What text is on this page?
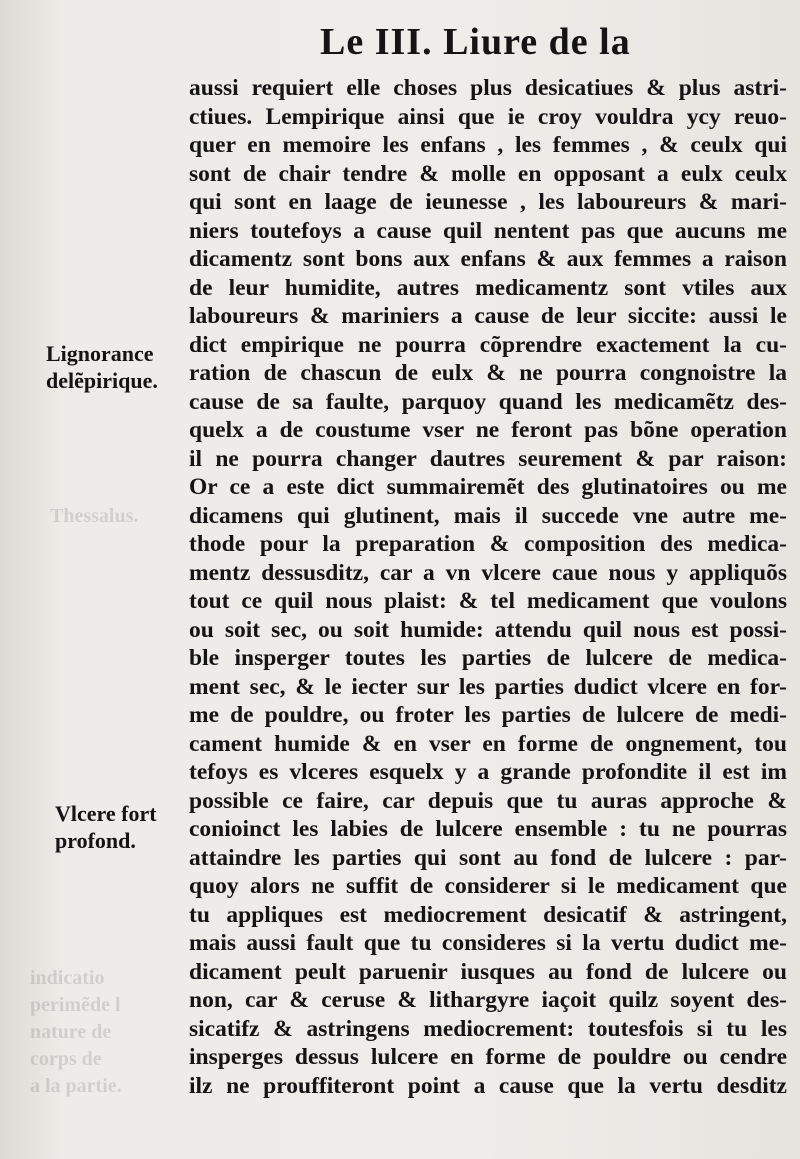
Le III. Liure de la
Thessalus.
indicatio
perimẽde l
nature de
corps de
a la partie.
Lignorance
delẽpirique.
Vlcere fort
profond.
aussi requiert elle choses plus desicatiues & plus astri-
ctiues. Lempirique ainsi que ie croy vouldra ycy reuo-
quer en memoire les enfans , les femmes , & ceulx qui
sont de chair tendre & molle en opposant a eulx ceulx
qui sont en laage de ieunesse , les laboureurs & mari-
niers toutefoys a cause quil nentent pas que aucuns me
dicamentz sont bons aux enfans & aux femmes a raison
de leur humidite, autres medicamentz sont vtiles aux
laboureurs & mariniers a cause de leur siccite: aussi le
dict empirique ne pourra cõprendre exactement la cu-
ration de chascun de eulx & ne pourra congnoistre la
cause de sa faulte, parquoy quand les medicamẽtz des-
quelx a de coustume vser ne feront pas bõne operation
il ne pourra changer dautres seurement & par raison:
Or ce a este dict summairemẽt des glutinatoires ou me
dicamens qui glutinent, mais il succede vne autre me-
thode pour la preparation & composition des medica-
mentz dessusditz, car a vn vlcere caue nous y appliquõs
tout ce quil nous plaist: & tel medicament que voulons
ou soit sec, ou soit humide: attendu quil nous est possi-
ble insperger toutes les parties de lulcere de medica-
ment sec, & le iecter sur les parties dudict vlcere en for-
me de pouldre, ou froter les parties de lulcere de medi-
cament humide & en vser en forme de ongnement, tou
tefoys es vlceres esquelx y a grande profondite il est im
possible ce faire, car depuis que tu auras approche &
conioinct les labies de lulcere ensemble : tu ne pourras
attaindre les parties qui sont au fond de lulcere : par-
quoy alors ne suffit de considerer si le medicament que
tu appliques est mediocrement desicatif & astringent,
mais aussi fault que tu consideres si la vertu dudict me-
dicament peult paruenir iusques au fond de lulcere ou
non, car & ceruse & lithargyre iaçoit quilz soyent des-
sicatifz & astringens mediocrement: toutesfois si tu les
insperges dessus lulcere en forme de pouldre ou cendre
ilz ne prouffiteront point a cause que la vertu desditz
